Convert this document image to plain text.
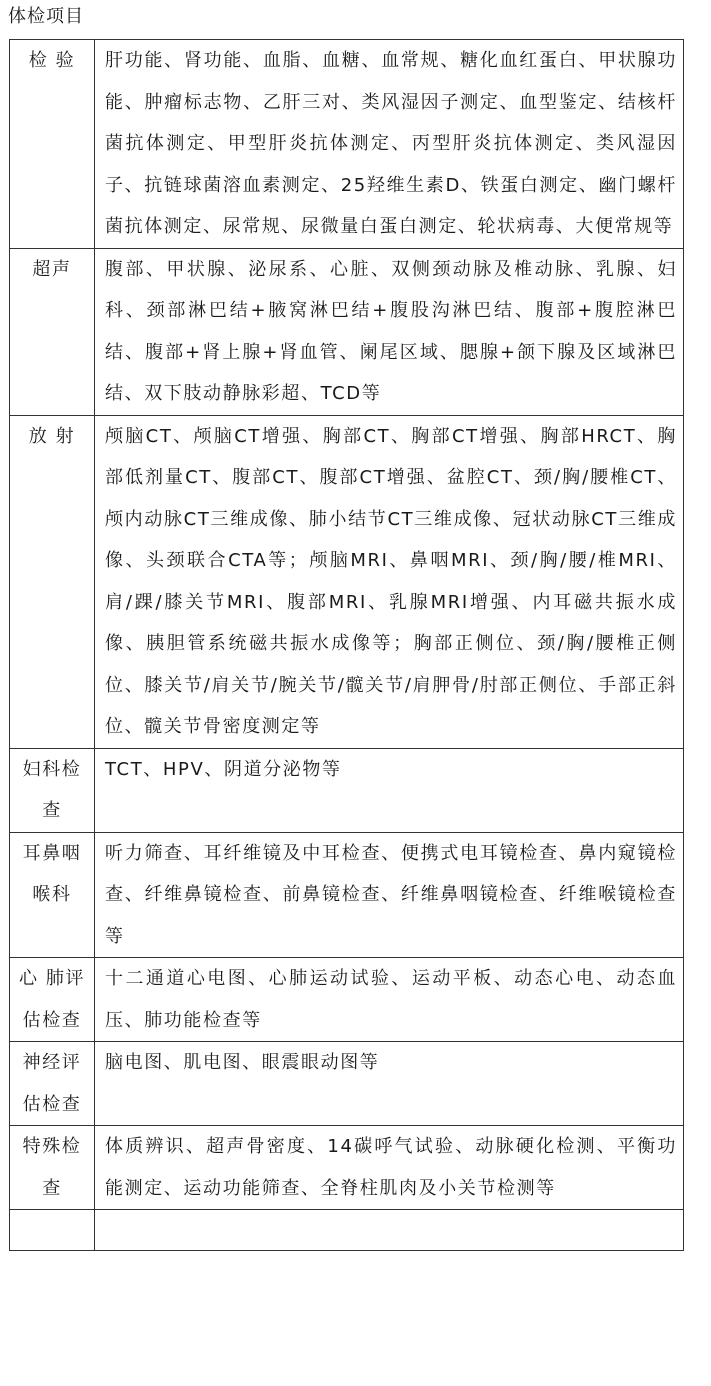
体检项目
检 验	肝功能、肾功能、血脂、血糖、血常规、糖化血红蛋白、甲状腺功能、肿瘤标志物、乙肝三对、类风湿因子测定、血型鉴定、结核杆菌抗体测定、甲型肝炎抗体测定、丙型肝炎抗体测定、类风湿因子、抗链球菌溶血素测定、25羟维生素D、铁蛋白测定、幽门螺杆菌抗体测定、尿常规、尿微量白蛋白测定、轮状病毒、大便常规等

超声	腹部、甲状腺、泌尿系、心脏、双侧颈动脉及椎动脉、乳腺、妇科、颈部淋巴结+腋窝淋巴结+腹股沟淋巴结、腹部+腹腔淋巴结、腹部+肾上腺+肾血管、阑尾区域、腮腺+颌下腺及区域淋巴结、双下肢动静脉彩超、TCD等

放 射	颅脑CT、颅脑CT增强、胸部CT、胸部CT增强、胸部HRCT、胸部低剂量CT、腹部CT、腹部CT增强、盆腔CT、颈/胸/腰椎CT、颅内动脉CT三维成像、肺小结节CT三维成像、冠状动脉CT三维成像、头颈联合CTA等；颅脑MRI、鼻咽MRI、颈/胸/腰/椎MRI、肩/踝/膝关节MRI、腹部MRI、乳腺MRI增强、内耳磁共振水成像、胰胆管系统磁共振水成像等；胸部正侧位、颈/胸/腰椎正侧位、膝关节/肩关节/腕关节/髋关节/肩胛骨/肘部正侧位、手部正斜位、髋关节骨密度测定等

妇科检查	TCT、HPV、阴道分泌物等

耳鼻咽喉科	听力筛查、耳纤维镜及中耳检查、便携式电耳镜检查、鼻内窥镜检查、纤维鼻镜检查、前鼻镜检查、纤维鼻咽镜检查、纤维喉镜检查等

心 肺评 估检查	十二通道心电图、心肺运动试验、运动平板、动态心电、动态血压、肺功能检查等

神经评估检查	脑电图、肌电图、眼震眼动图等

特殊检查	体质辨识、超声骨密度、14碳呼气试验、动脉硬化检测、平衡功能测定、运动功能筛查、全脊柱肌肉及小关节检测等
